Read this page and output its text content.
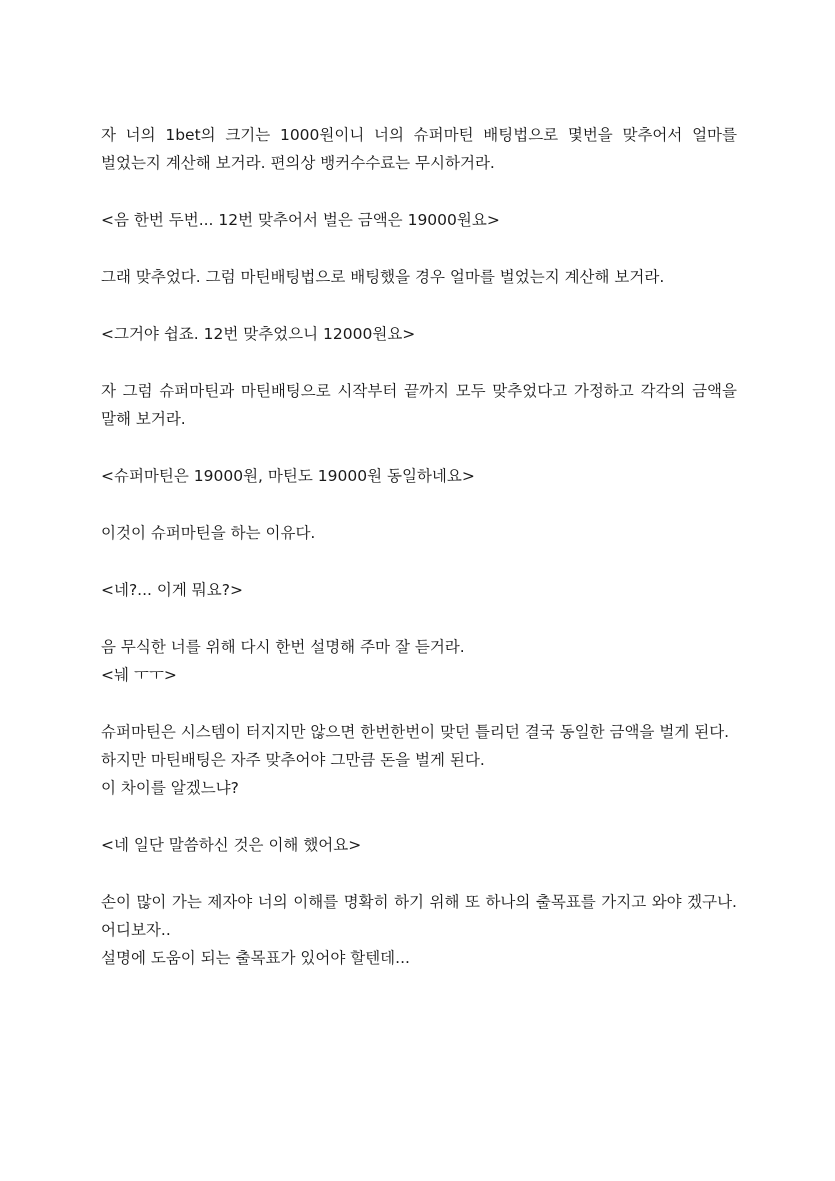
자 너의 1bet의 크기는 1000원이니 너의 슈퍼마틴 배팅법으로 몇번을 맞추어서 얼마를 벌었는지 계산해 보거라. 편의상 뱅커수수료는 무시하거라.

<음 한번 두번... 12번 맞추어서 벌은 금액은 19000원요>

그래 맞추었다. 그럼 마틴배팅법으로 배팅했을 경우 얼마를 벌었는지 계산해 보거라.

<그거야 쉽죠. 12번 맞추었으니 12000원요>

자 그럼 슈퍼마틴과 마틴배팅으로 시작부터 끝까지 모두 맞추었다고 가정하고 각각의 금액을 말해 보거라.

<슈퍼마틴은 19000원, 마틴도 19000원 동일하네요>

이것이 슈퍼마틴을 하는 이유다.

<네?... 이게 뭐요?>

음 무식한 너를 위해 다시 한번 설명해 주마 잘 듣거라.
<눼 ㅜㅜ>

슈퍼마틴은 시스템이 터지지만 않으면 한번한번이 맞던 틀리던 결국 동일한 금액을 벌게 된다.
하지만 마틴배팅은 자주 맞추어야 그만큼 돈을 벌게 된다.
이 차이를 알겠느냐?

<네 일단 말씀하신 것은 이해 했어요>

손이 많이 가는 제자야 너의 이해를 명확히 하기 위해 또 하나의 출목표를 가지고 와야 겠구나. 어디보자..
설명에 도움이 되는 출목표가 있어야 할텐데...
